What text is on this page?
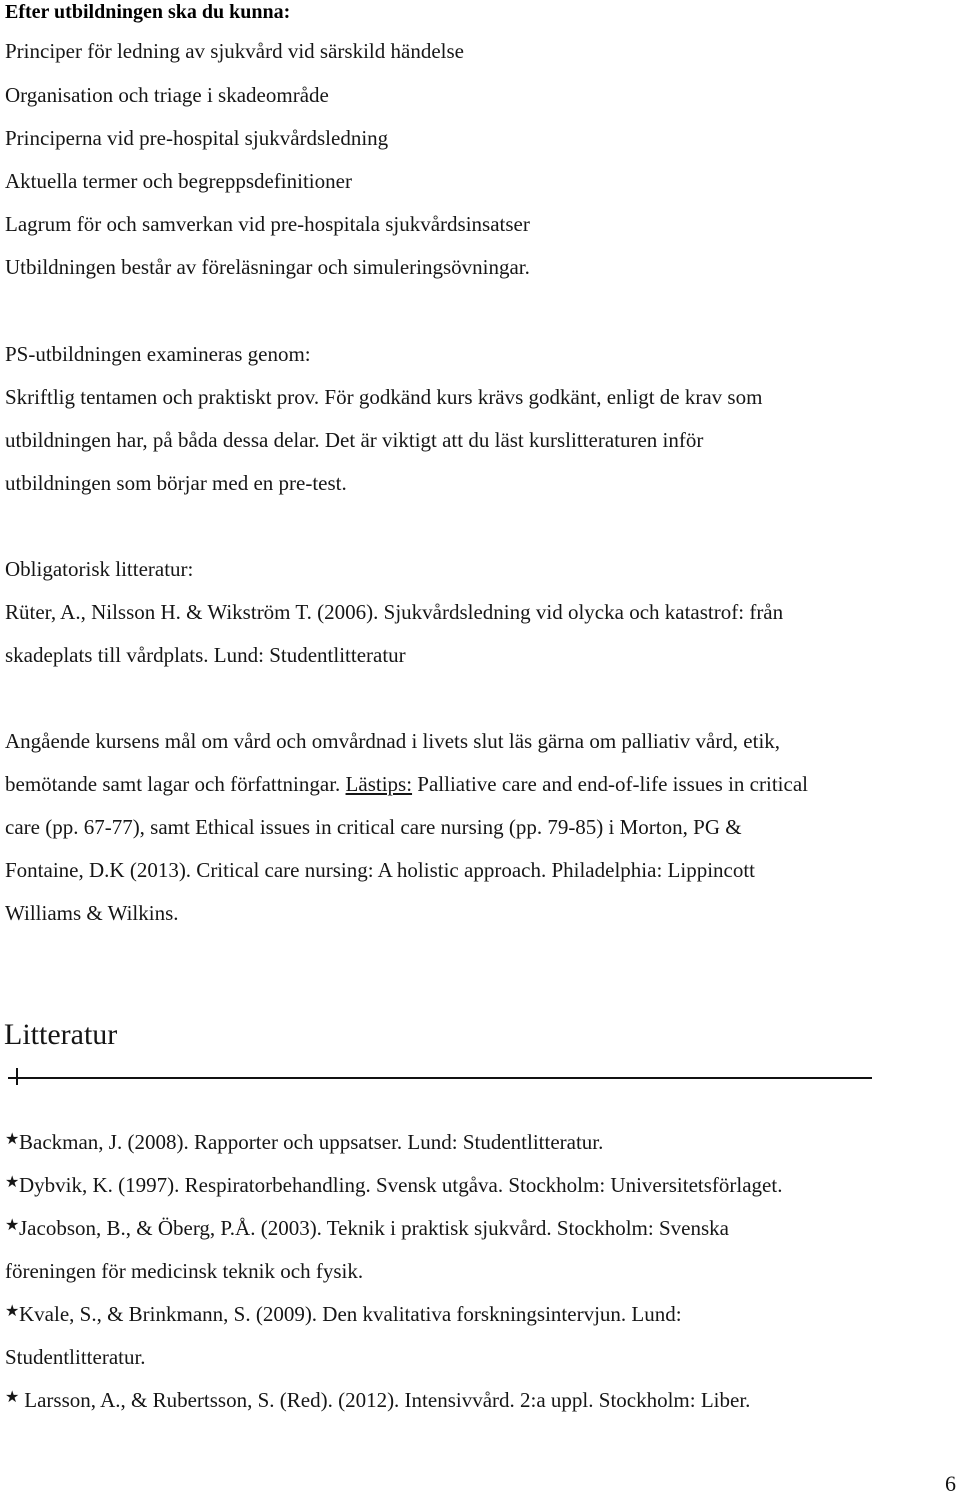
Efter utbildningen ska du kunna:
Principer för ledning av sjukvård vid särskild händelse
Organisation och triage i skadeområde
Principerna vid pre-hospital sjukvårdsledning
Aktuella termer och begreppsdefinitioner
Lagrum för och samverkan vid pre-hospitala sjukvårdsinsatser
Utbildningen består av föreläsningar och simuleringsövningar.
PS-utbildningen examineras genom:
Skriftlig tentamen och praktiskt prov. För godkänd kurs krävs godkänt, enligt de krav som
utbildningen har, på båda dessa delar. Det är viktigt att du läst kurslitteraturen inför
utbildningen som börjar med en pre-test.
Obligatorisk litteratur:
Rüter, A., Nilsson H. & Wikström T. (2006). Sjukvårdsledning vid olycka och katastrof: från
skadeplats till vårdplats. Lund: Studentlitteratur
Angående kursens mål om vård och omvårdnad i livets slut läs gärna om palliativ vård, etik,
bemötande samt lagar och författningar. Lästips: Palliative care and end-of-life issues in critical
care (pp. 67-77), samt Ethical issues in critical care nursing (pp. 79-85) i Morton, PG &
Fontaine, D.K (2013). Critical care nursing: A holistic approach. Philadelphia: Lippincott
Williams & Wilkins.
Litteratur
★Backman, J. (2008). Rapporter och uppsatser. Lund: Studentlitteratur.
★Dybvik, K. (1997). Respiratorbehandling. Svensk utgåva. Stockholm: Universitetsförlaget.
★Jacobson, B., & Öberg, P.Å. (2003). Teknik i praktisk sjukvård. Stockholm: Svenska
föreningen för medicinsk teknik och fysik.
★Kvale, S., & Brinkmann, S. (2009). Den kvalitativa forskningsintervjun. Lund:
Studentlitteratur.
★ Larsson, A., & Rubertsson, S. (Red). (2012). Intensivvård. 2:a uppl. Stockholm: Liber.
6
